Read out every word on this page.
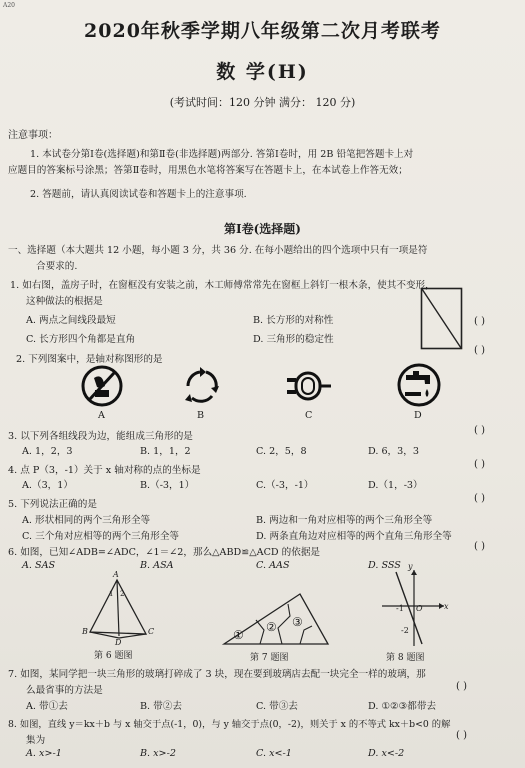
A20
2020年秋季学期八年级第二次月考联考
数 学(H)
(考试时间：120 分钟 满分： 120 分)
注意事项：
1. 本试卷分第Ⅰ卷(选择题)和第Ⅱ卷(非选择题)两部分. 答第Ⅰ卷时，用 2B 铅笔把答题卡上对
应题目的答案标号涂黑；答第Ⅱ卷时，用黑色水笔将答案写在答题卡上，在本试卷上作答无效；
2. 答题前，请认真阅读试卷和答题卡上的注意事项.
第Ⅰ卷(选择题)
一、选择题（本大题共 12 小题，每小题 3 分，共 36 分. 在每小题给出的四个选项中只有一项是符
合要求的.
1. 如右图，盖房子时，在窗框没有安装之前，木工师傅常常先在窗框上斜钉一根木条，使其不变形，
这种做法的根据是
( )
A. 两点之间线段最短	B. 长方形的对称性
C. 长方形四个角都是直角	D. 三角形的稳定性
2. 下列图案中，是轴对称图形的是
( )
A	B	C	D
3. 以下列各组线段为边，能组成三角形的是
( )
A. 1，2，3	B. 1，1，2	C. 2，5，8	D. 6，3，3
4. 点 P（3，-1）关于 x 轴对称的点的坐标是
( )
A.（3，1）	B.（-3，1）	C.（-3，-1）	D.（1，-3）
5. 下列说法正确的是
( )
A. 形状相同的两个三角形全等	B. 两边和一角对应相等的两个三角形全等
C. 三个角对应相等的两个三角形全等	D. 两条直角边对应相等的两个直角三角形全等
6. 如图，已知∠ADB=∠ADC，∠1＝∠2，那么△ABD≌△ACD 的依据是
( )
A. SAS	B. ASA	C. AAS	D. SSS
A
1 2
B
D
C
第 6 题图
①
② ③
第 7 题图
y
x
O
-1
-2
第 8 题图
7. 如图，某同学把一块三角形的玻璃打碎成了 3 块，现在要到玻璃店去配一块完全一样的玻璃，那
么最省事的方法是	( )
A. 带①去	B. 带②去	C. 带③去	D. ①②③都带去
8. 如图，直线 y＝kx＋b 与 x 轴交于点(-1，0)，与 y 轴交于点(0，-2)，则关于 x 的不等式 kx＋b<0 的解
集为	( )
A. x>-1	B. x>-2	C. x<-1	D. x<-2
